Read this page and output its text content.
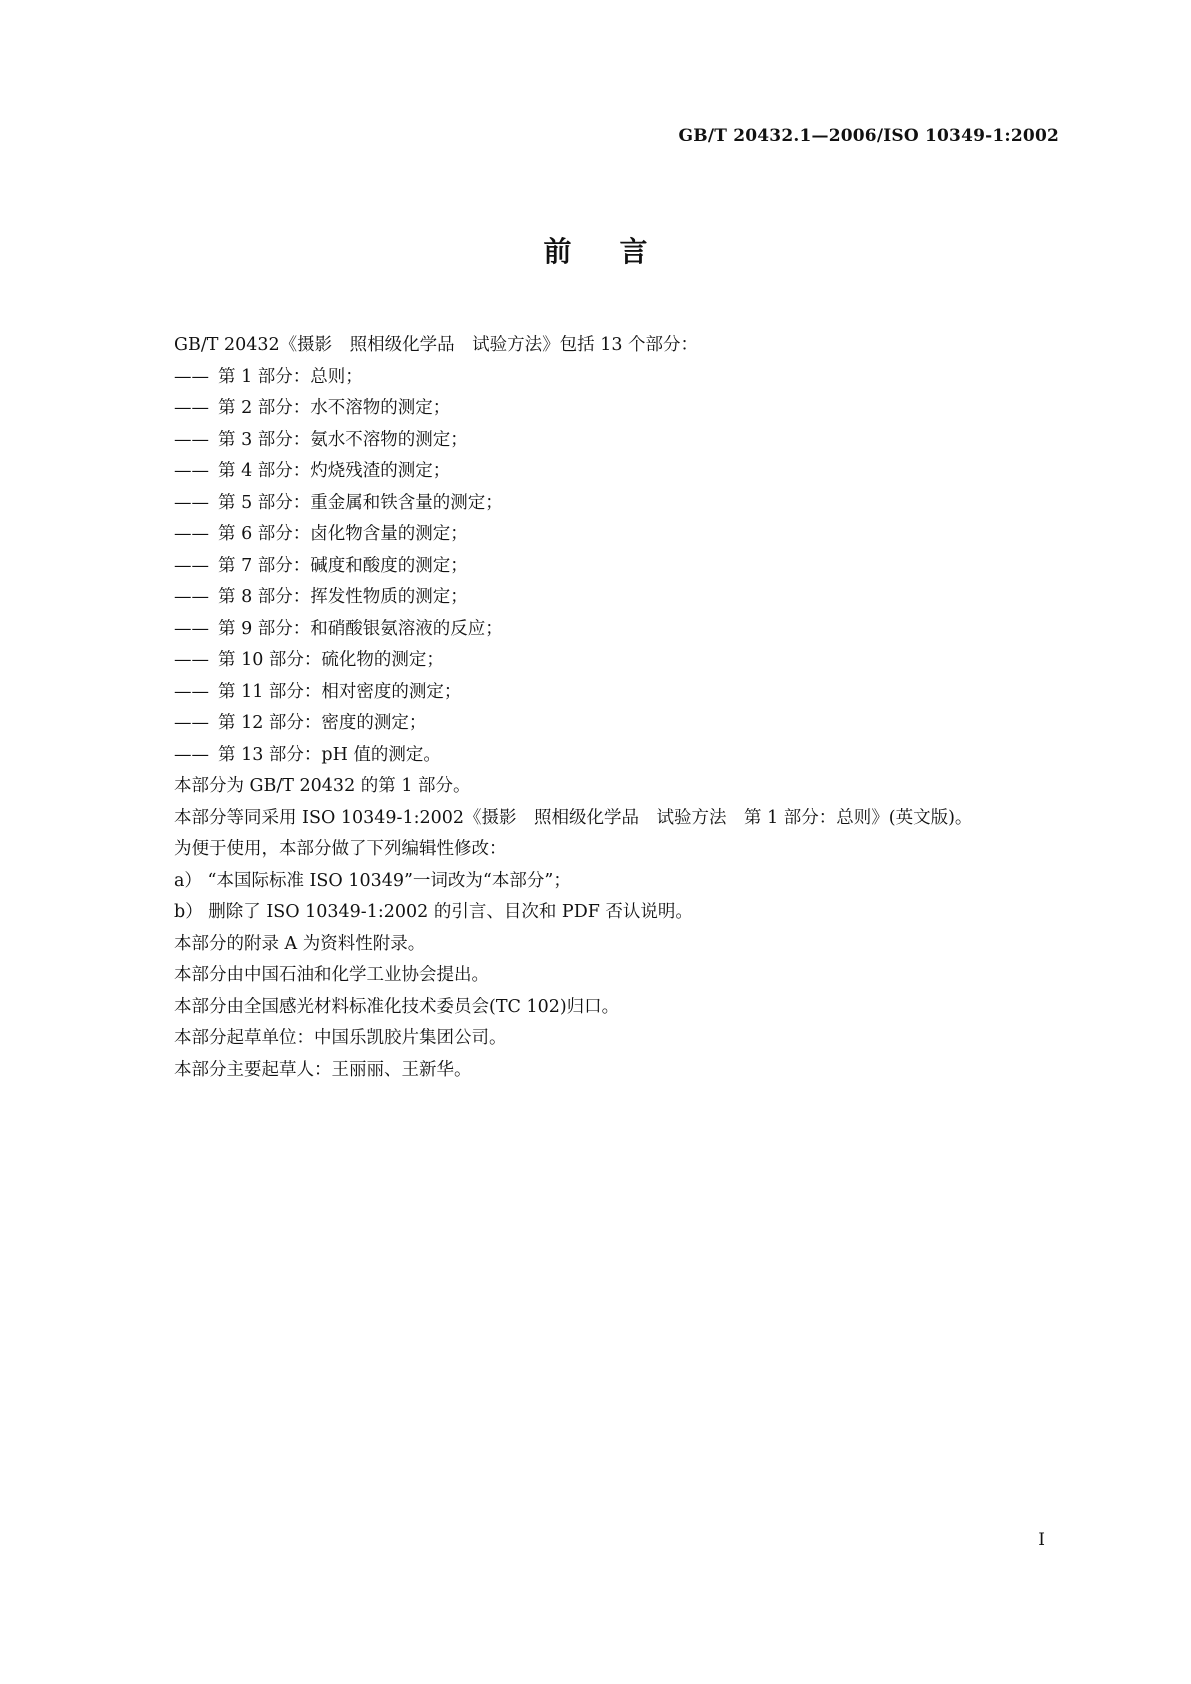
GB/T 20432.1—2006/ISO 10349-1:2002
前言
GB/T 20432《摄影　照相级化学品　试验方法》包括 13 个部分：
—— 第 1 部分：总则；
—— 第 2 部分：水不溶物的测定；
—— 第 3 部分：氨水不溶物的测定；
—— 第 4 部分：灼烧残渣的测定；
—— 第 5 部分：重金属和铁含量的测定；
—— 第 6 部分：卤化物含量的测定；
—— 第 7 部分：碱度和酸度的测定；
—— 第 8 部分：挥发性物质的测定；
—— 第 9 部分：和硝酸银氨溶液的反应；
—— 第 10 部分：硫化物的测定；
—— 第 11 部分：相对密度的测定；
—— 第 12 部分：密度的测定；
—— 第 13 部分：pH 值的测定。
本部分为 GB/T 20432 的第 1 部分。
本部分等同采用 ISO 10349-1:2002《摄影　照相级化学品　试验方法　第 1 部分：总则》(英文版)。
为便于使用，本部分做了下列编辑性修改：
a） “本国际标准 ISO 10349”一词改为“本部分”；
b） 删除了 ISO 10349-1:2002 的引言、目次和 PDF 否认说明。
本部分的附录 A 为资料性附录。
本部分由中国石油和化学工业协会提出。
本部分由全国感光材料标准化技术委员会(TC 102)归口。
本部分起草单位：中国乐凯胶片集团公司。
本部分主要起草人：王丽丽、王新华。
I
